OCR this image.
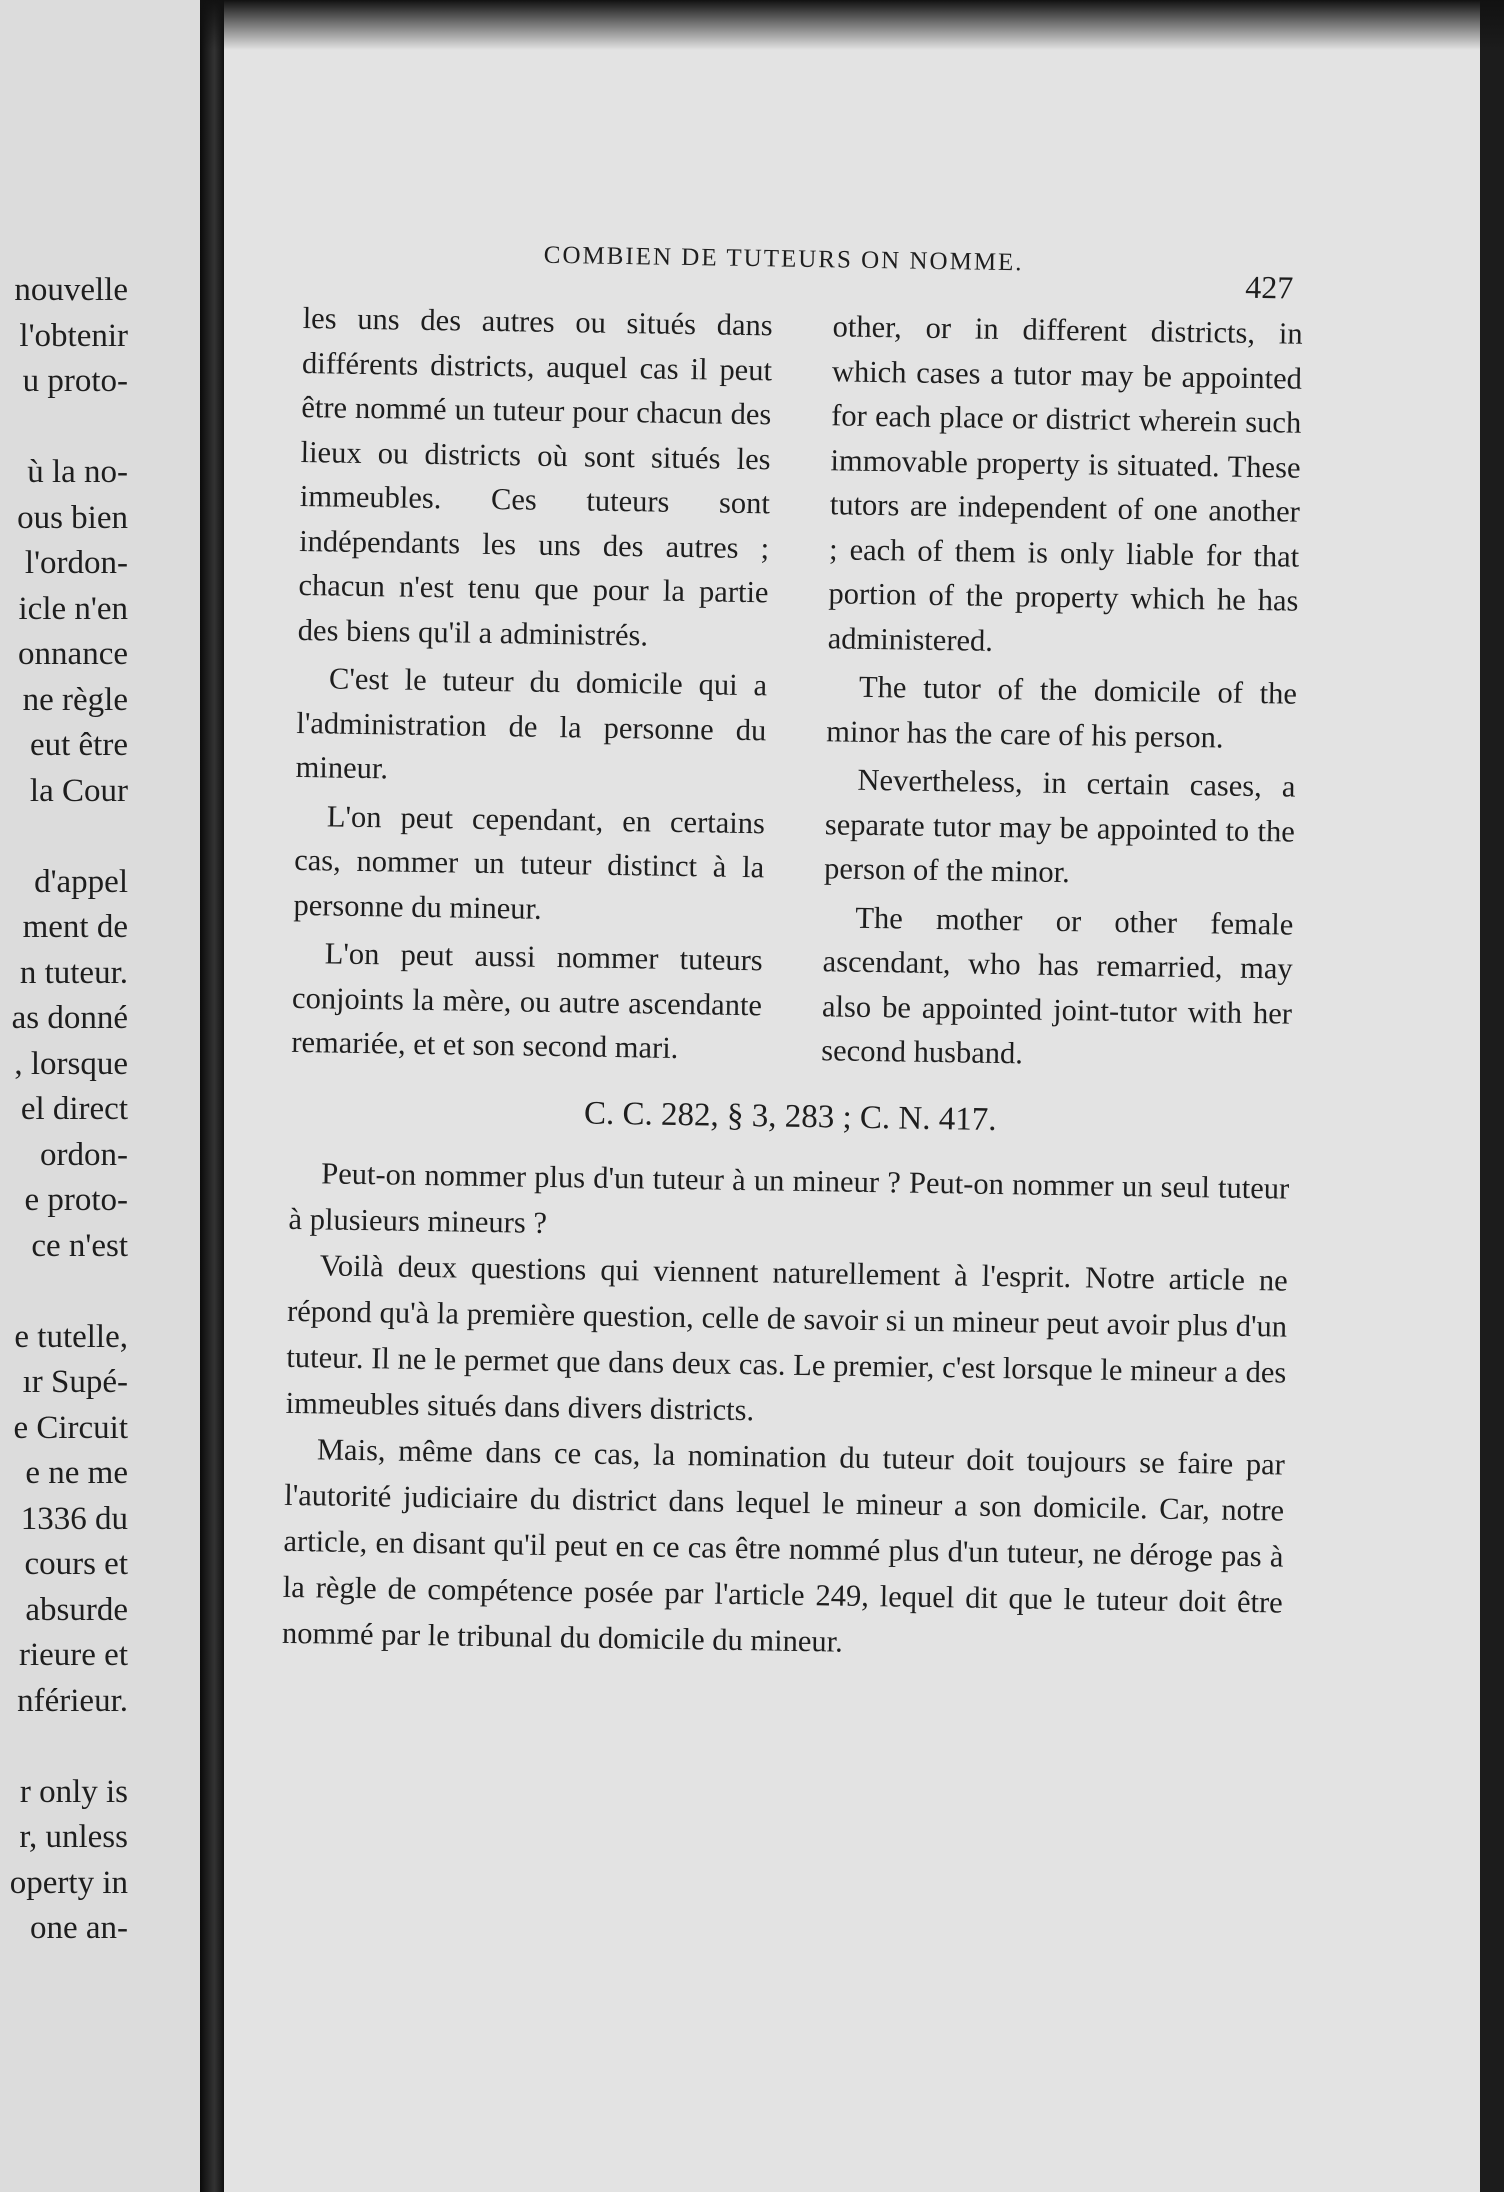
nouvelle
l'obtenir
u proto-
ù la no-
ous bien
l'ordon-
icle n'en
onnance
ne règle
eut être
la Cour
d'appel
ment de
n tuteur.
as donné
, lorsque
el direct
ordon-
e proto-
ce n'est
e tutelle,
ır Supé-
e Circuit
e ne me
1336 du
cours et
absurde
rieure et
nférieur.
r only is
r, unless
operty in
one an-
COMBIEN DE TUTEURS ON NOMME.
427

les uns des autres ou situés dans différents districts, auquel cas il peut être nommé un tuteur pour chacun des lieux ou districts où sont situés les immeubles. Ces tuteurs sont indépendants les uns des autres ; chacun n'est tenu que pour la partie des biens qu'il a administrés.

C'est le tuteur du domicile qui a l'administration de la personne du mineur.

L'on peut cependant, en certains cas, nommer un tuteur distinct à la personne du mineur.

L'on peut aussi nommer tuteurs conjoints la mère, ou autre ascendante remariée, et et son second mari.

other, or in different districts, in which cases a tutor may be appointed for each place or district wherein such immovable property is situated. These tutors are independent of one another ; each of them is only liable for that portion of the property which he has administered.

The tutor of the domicile of the minor has the care of his person.

Nevertheless, in certain cases, a separate tutor may be appointed to the person of the minor.

The mother or other female ascendant, who has remarried, may also be appointed joint-tutor with her second husband.

C. C. 282, § 3, 283 ; C. N. 417.

Peut-on nommer plus d'un tuteur à un mineur ? Peut-on nommer un seul tuteur à plusieurs mineurs ?

Voilà deux questions qui viennent naturellement à l'esprit. Notre article ne répond qu'à la première question, celle de savoir si un mineur peut avoir plus d'un tuteur. Il ne le permet que dans deux cas. Le premier, c'est lorsque le mineur a des immeubles situés dans divers districts.

Mais, même dans ce cas, la nomination du tuteur doit toujours se faire par l'autorité judiciaire du district dans lequel le mineur a son domicile. Car, notre article, en disant qu'il peut en ce cas être nommé plus d'un tuteur, ne déroge pas à la règle de compétence posée par l'article 249, lequel dit que le tuteur doit être nommé par le tribunal du domicile du mineur.
